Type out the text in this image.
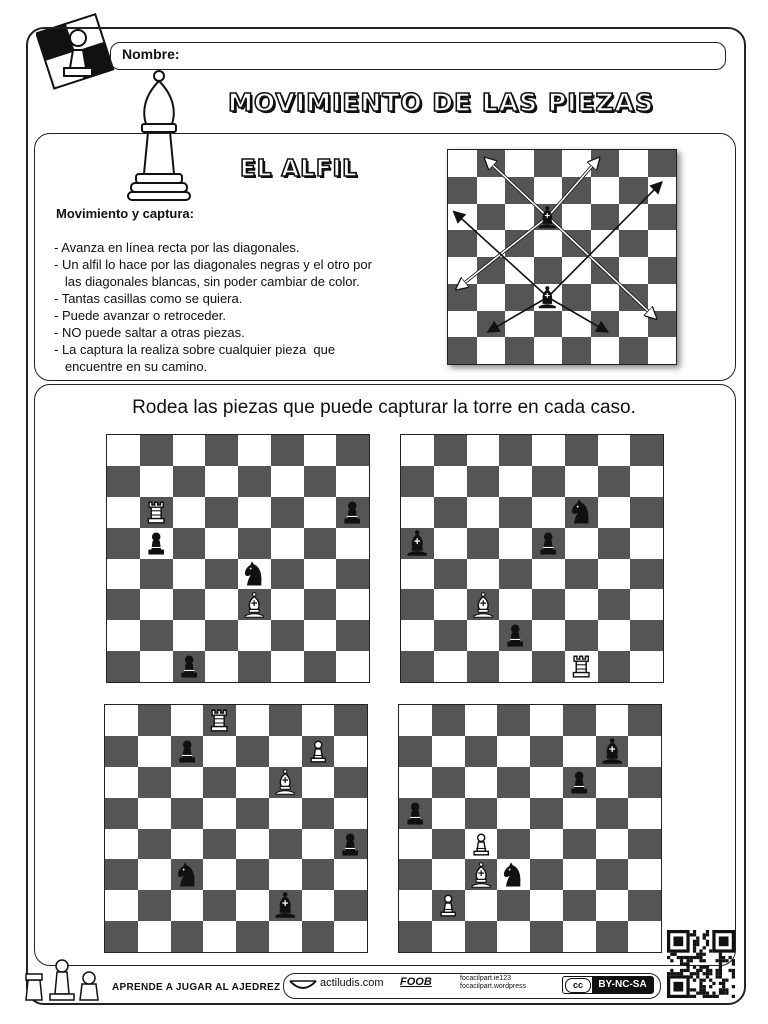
Nombre:
MOVIMIENTO DE LAS PIEZAS
EL ALFIL
Movimiento y captura:
- Avanza en línea recta por las diagonales.
- Un alfil lo hace por las diagonales negras y el otro por
las diagonales blancas, sin poder cambiar de color.
- Tantas casillas como se quiera.
- Puede avanzar o retroceder.
- NO puede saltar a otras piezas.
- La captura la realiza sobre cualquier pieza  que
encuentre en su camino.
Rodea las piezas que puede capturar la torre en cada caso.
APRENDE A JUGAR AL AJEDREZ	actiludis.com FOOB	focacilpart.ie123
focacilpart.wordpress	cc	BY-NC-SA
